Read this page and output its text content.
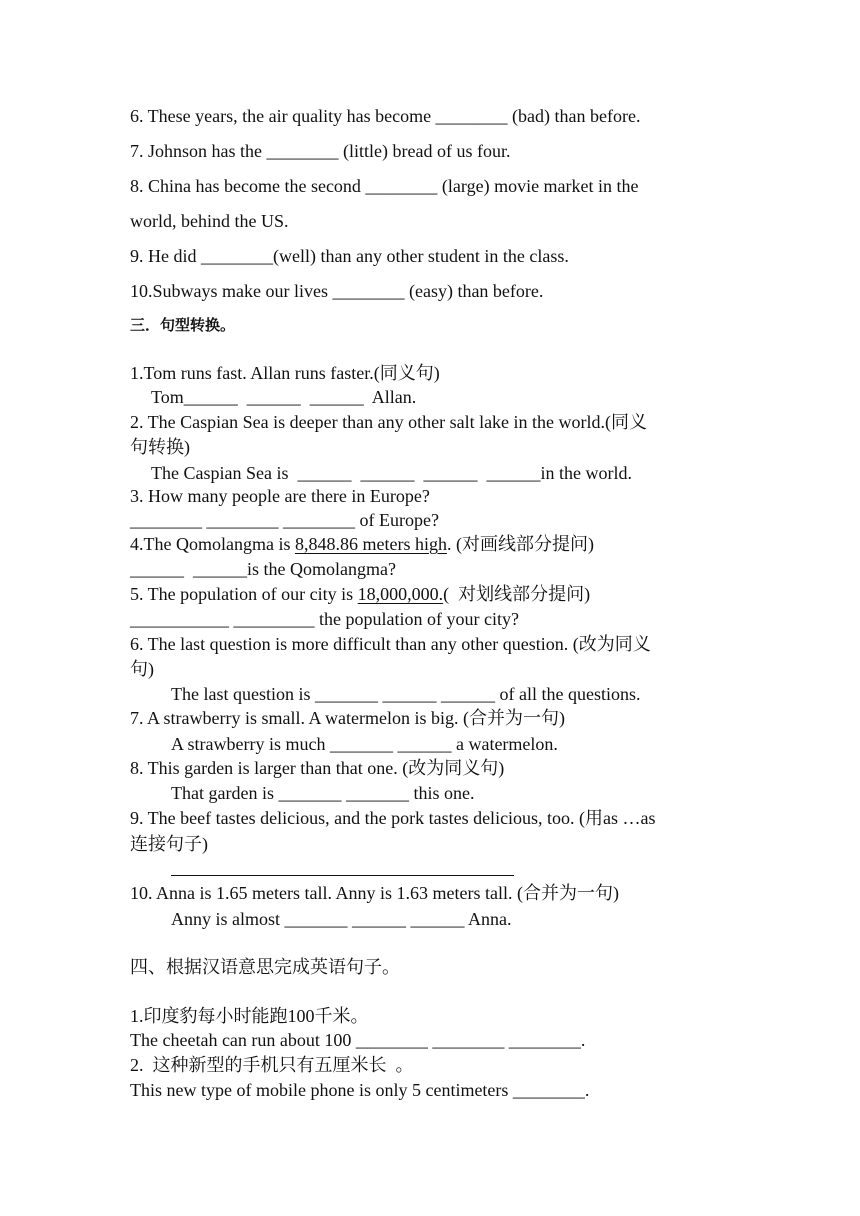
6. These years, the air quality has become ________ (bad) than before.
7. Johnson has the ________ (little) bread of us four.
8. China has become the second ________ (large) movie market in the
world, behind the US.
9. He did ________(well) than any other student in the class.
10.Subways make our lives ________ (easy) than before.
三．句型转换。
1.Tom runs fast. Allan runs faster.(同义句)
Tom______  ______  ______  Allan.
2. The Caspian Sea is deeper than any other salt lake in the world.(同义
句转换)
The Caspian Sea is  ______  ______  ______  ______in the world.
3. How many people are there in Europe?
________ ________ ________ of Europe?
4.The Qomolangma is 8,848.86 meters high. (对画线部分提问)
______  ______is the Qomolangma?
5. The population of our city is 18,000,000.(  对划线部分提问)
___________ _________ the population of your city?
6. The last question is more difficult than any other question. (改为同义
句)
The last question is _______ ______ ______ of all the questions.
7. A strawberry is small. A watermelon is big. (合并为一句)
A strawberry is much _______ ______ a watermelon.
8. This garden is larger than that one. (改为同义句)
That garden is _______ _______ this one.
9. The beef tastes delicious, and the pork tastes delicious, too. (用as …as
连接句子)
10. Anna is 1.65 meters tall. Anny is 1.63 meters tall. (合并为一句)
Anny is almost _______ ______ ______ Anna.
四、根据汉语意思完成英语句子。
1.印度豹每小时能跑100千米。
The cheetah can run about 100 ________ ________ ________.
2.  这种新型的手机只有五厘米长  。
This new type of mobile phone is only 5 centimeters ________.
